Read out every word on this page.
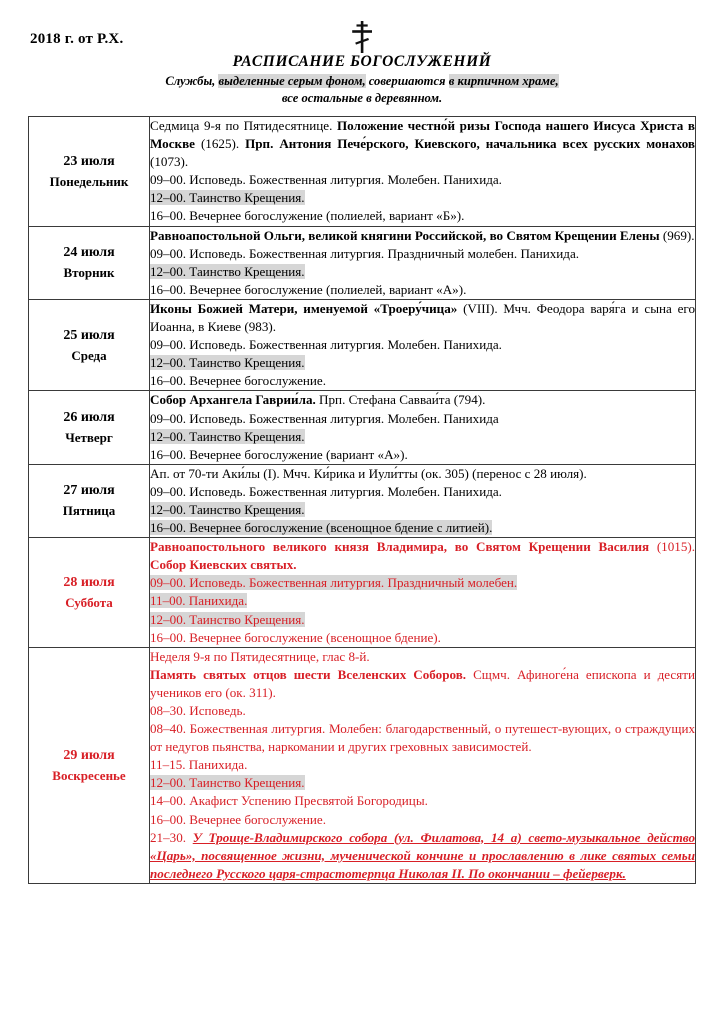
2018 г. от Р.Х.
РАСПИСАНИЕ БОГОСЛУЖЕНИЙ
Службы, выделенные серым фоном, совершаются в кирпичном храме,
все остальные в деревянном.
23 июля
Понедельник

Седмица 9-я по Пятидесятнице. Положение честно́й ризы Господа нашего Иисуса Христа в Москве (1625). Прп. Антония Пече́рского, Киевского, начальника всех русских монахов (1073).
09–00. Исповедь. Божественная литургия. Молебен. Панихида.
12–00. Таинство Крещения.
16–00. Вечернее богослужение (полиелей, вариант «Б»).

24 июля
Вторник

Равноапостольной Ольги, великой княгини Российской, во Святом Крещении Елены (969).
09–00. Исповедь. Божественная литургия. Праздничный молебен. Панихида.
12–00. Таинство Крещения.
16–00. Вечернее богослужение (полиелей, вариант «А»).

25 июля
Среда

Иконы Божией Матери, именуемой «Троеру́чица» (VIII). Мчч. Феодора варя́га и сына его Иоанна, в Киеве (983).
09–00. Исповедь. Божественная литургия. Молебен. Панихида.
12–00. Таинство Крещения.
16–00. Вечернее богослужение.

26 июля
Четверг

Собор Архангела Гаврии́ла. Прп. Стефана Савваи́та (794).
09–00. Исповедь. Божественная литургия. Молебен. Панихида
12–00. Таинство Крещения.
16–00. Вечернее богослужение (вариант «А»).

27 июля
Пятница

Ап. от 70-ти Аки́лы (I). Мчч. Ки́рика и Иули́тты (ок. 305) (перенос с 28 июля).
09–00. Исповедь. Божественная литургия. Молебен. Панихида.
12–00. Таинство Крещения.
16–00. Вечернее богослужение (всенощное бдение с литией).

28 июля
Суббота

Равноапостольного великого князя Владимира, во Святом Крещении Василия (1015). Собор Киевских святых.
09–00. Исповедь. Божественная литургия. Праздничный молебен.
11–00. Панихида.
12–00. Таинство Крещения.
16–00. Вечернее богослужение (всенощное бдение).

29 июля
Воскресенье

Неделя 9-я по Пятидесятнице, глас 8-й.
Память святых отцов шести Вселенских Соборов. Сщмч. Афиноге́на епископа и десяти учеников его (ок. 311).
08–30. Исповедь.
08–40. Божественная литургия. Молебен: благодарственный, о путешест-вующих, о страждущих от недугов пьянства, наркомании и других греховных зависимостей.
11–15. Панихида.
12–00. Таинство Крещения.
14–00. Акафист Успению Пресвятой Богородицы.
16–00. Вечернее богослужение.
21–30. У Троице-Владимирского собора (ул. Филатова, 14 а) свето-музыкальное действо «Царь», посвященное жизни, мученической кончине и прославлению в лике святых семьи последнего Русского царя-страстотерпца Николая II. По окончании – фейерверк.
